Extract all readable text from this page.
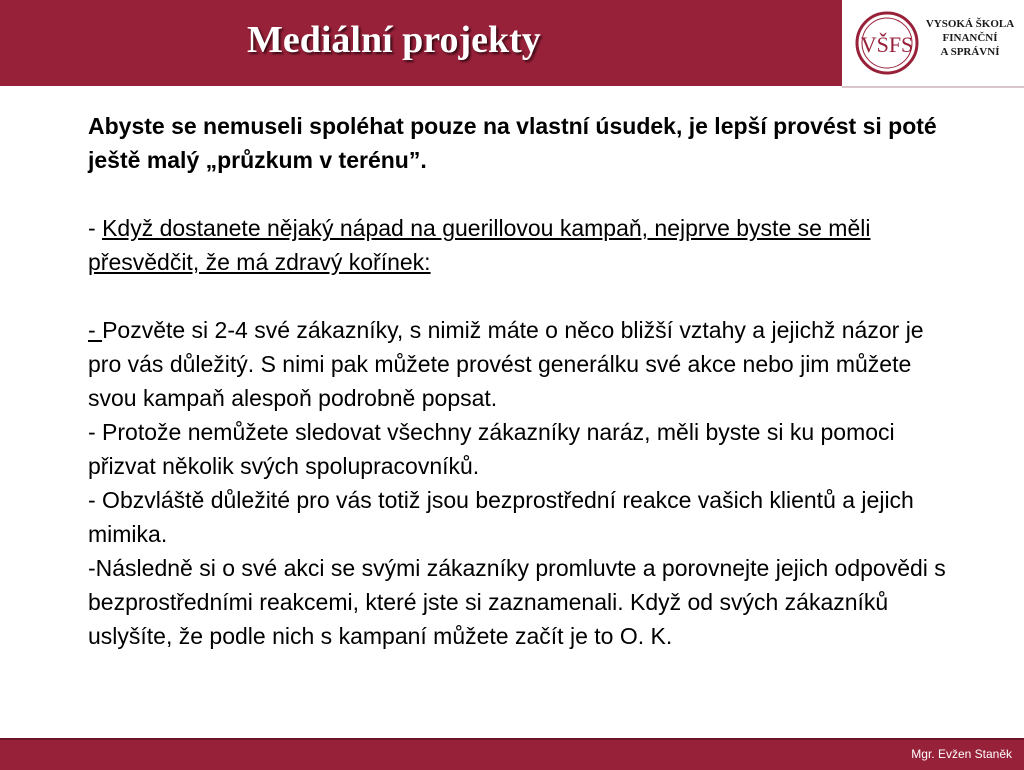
Mediální projekty	VŠFS
VYSOKÁ ŠKOLA
FINANČNÍ
A SPRÁVNÍ

Abyste se nemuseli spoléhat pouze na vlastní úsudek, je lepší provést si poté ještě malý „průzkum v terénu”.

- Když dostanete nějaký nápad na guerillovou kampaň, nejprve byste se měli přesvědčit, že má zdravý kořínek:

- Pozvěte si 2-4 své zákazníky, s nimiž máte o něco bližší vztahy a jejichž názor je pro vás důležitý. S nimi pak můžete provést generálku své akce nebo jim můžete svou kampaň alespoň podrobně popsat.

- Protože nemůžete sledovat všechny zákazníky naráz, měli byste si ku pomoci přizvat několik svých spolupracovníků.

- Obzvláště důležité pro vás totiž jsou bezprostřední reakce vašich klientů a jejich mimika.

-Následně si o své akci se svými zákazníky promluvte a porovnejte jejich odpovědi s bezprostředními reakcemi, které jste si zaznamenali. Když od svých zákazníků uslyšíte, že podle nich s kampaní můžete začít je to O. K.

Mgr. Evžen Staněk
